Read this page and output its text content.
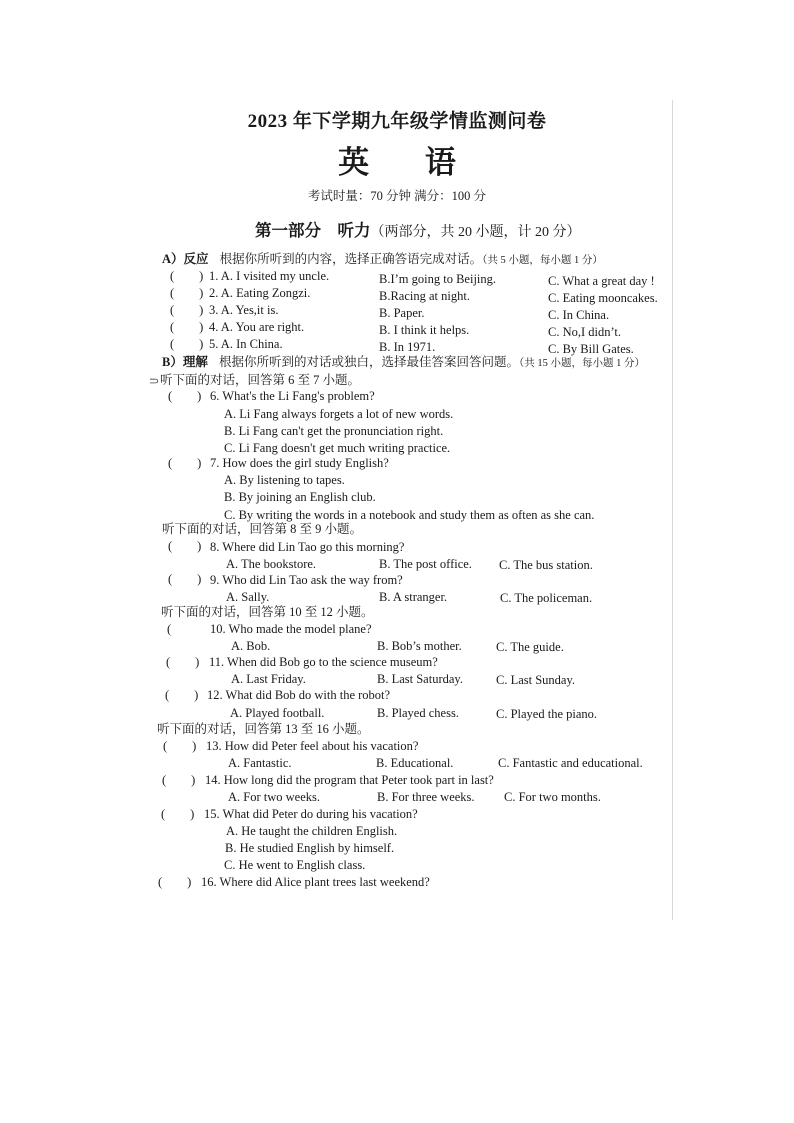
2023 年下学期九年级学情监测问卷
英 语
考试时量：70 分钟 满分：100 分
第一部分　听力（两部分，共 20 小题，计 20 分）
A）反应 根据你所听到的内容，选择正确答语完成对话。（共 5 小题，每小题 1 分）
(　　) 1. A. I visited my uncle.	B.I’m going to Beijing.	C. What a great day !
(　　) 2. A. Eating Zongzi.	B.Racing at night.	C. Eating mooncakes.
(　　) 3. A. Yes,it is.	B. Paper.	C. In China.
(　　) 4. A. You are right.	B. I think it helps.	C. No,I didn’t.
(　　) 5. A. In China.	B. In 1971.	C. By Bill Gates.
B）理解 根据你所听到的对话或独白，选择最佳答案回答问题。（共 15 小题，每小题 1 分）
⸧ 听下面的对话，回答第 6 至 7 小题。
(　　) 6. What's the Li Fang's problem?
A. Li Fang always forgets a lot of new words.
B. Li Fang can't get the pronunciation right.
C. Li Fang doesn't get much writing practice.
(　　) 7. How does the girl study English?
A. By listening to tapes.
B. By joining an English club.
C. By writing the words in a notebook and study them as often as she can.
听下面的对话，回答第 8 至 9 小题。
(　　) 8. Where did Lin Tao go this morning?
A. The bookstore.	B. The post office. C. The bus station.
(　　) 9. Who did Lin Tao ask the way from?
A. Sally.	B. A stranger.	C. The policeman.
听下面的对话，回答第 10 至 12 小题。
(	10. Who made the model plane?
A. Bob.	B. Bob’s mother.	C. The guide.
(　　) 11. When did Bob go to the science museum?
A. Last Friday.	B. Last Saturday.	C. Last Sunday.
(　　) 12. What did Bob do with the robot?
A. Played football.	B. Played chess.	C. Played the piano.
听下面的对话，回答第 13 至 16 小题。
(　　) 13. How did Peter feel about his vacation?
A. Fantastic.	B. Educational.	C. Fantastic and educational.
(　　) 14. How long did the program that Peter took part in last?
A. For two weeks.	B. For three weeks. C. For two months.
(　　) 15. What did Peter do during his vacation?
A. He taught the children English.
B. He studied English by himself.
C. He went to English class.
(　　) 16. Where did Alice plant trees last weekend?
